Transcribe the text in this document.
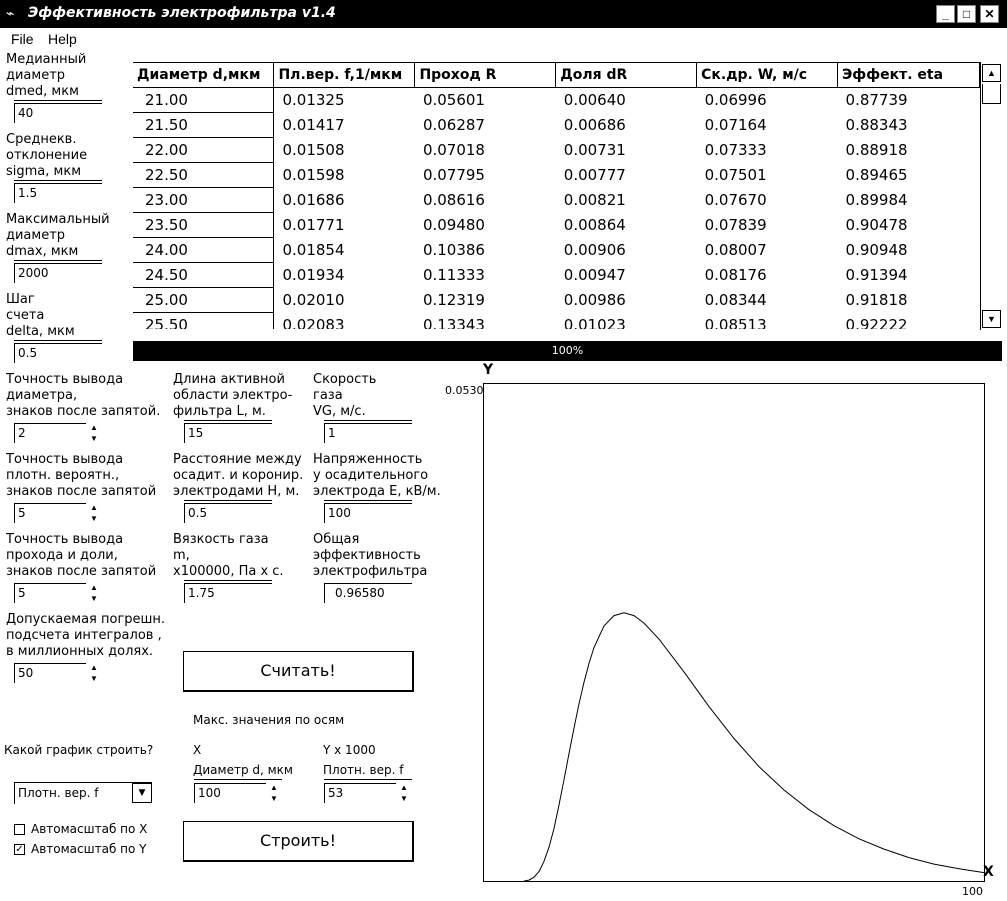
⌁ Эффективность электрофильтра v1.4	_	□	✕
File Help
Медианный
диаметр
dmed, мкм
40
Среднекв.
отклонение
sigma, мкм
1.5
Максимальный
диаметр
dmax, мкм
2000
Шаг
счета
delta, мкм
0.5
Диаметр d,мкм	Пл.вер. f,1/мкм	Проход R	Доля dR	Ск.др. W, м/с	Эффект. eta
21.00	0.01325	0.05601	0.00640	0.06996	0.87739
21.50	0.01417	0.06287	0.00686	0.07164	0.88343
22.00	0.01508	0.07018	0.00731	0.07333	0.88918
22.50	0.01598	0.07795	0.00777	0.07501	0.89465
23.00	0.01686	0.08616	0.00821	0.07670	0.89984
23.50	0.01771	0.09480	0.00864	0.07839	0.90478
24.00	0.01854	0.10386	0.00906	0.08007	0.90948
24.50	0.01934	0.11333	0.00947	0.08176	0.91394
25.00	0.02010	0.12319	0.00986	0.08344	0.91818
25.50	0.02083	0.13343	0.01023	0.08513	0.92222
▲
▼
100%
Точность вывода
диаметра,
знаков после запятой.
2	▲
▼
Точность вывода
плотн. вероятн.,
знаков после запятой
5	▲
▼
Точность вывода
прохода и доли,
знаков после запятой
5	▲
▼
Допускаемая погрешн.
подсчета интегралов ,
в миллионных долях.
50	▲
▼
Длина активной
области электро-
фильтра L, м.
15
Расстояние между
осадит. и коронир.
электродами H, м.
0.5
Вязкость газа
m,
x100000, Па x c.
1.75
Скорость
газа
VG, м/с.
1
Напряженность
у осадительного
электрода E, кВ/м.
100
Общая
эффективность
электрофильтра
0.96580
Считать!
Макс. значения по осям
Какой график строить?	X	Y x 1000
Диаметр d, мкм	Плотн. вер. f
Плотн. вер. f	▼	100	▲
▼	53	▲
▼
Автомасштаб по X
✓ Автомасштаб по Y	Строить!
Y
0.0530
X
100
